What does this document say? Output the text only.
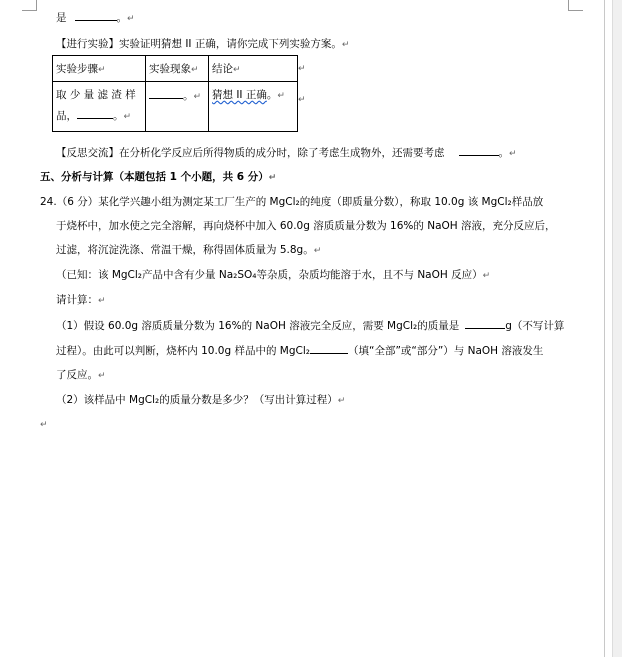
是	。↵
【进行实验】实验证明猜想 II 正确，请你完成下列实验方案。↵
实验步骤↵	实验现象↵	结论↵

取 少 量 滤 渣 样
品， 。↵	。↵	猜想 II 正确。↵
↵
↵
【反思交流】在分析化学反应后所得物质的成分时，除了考虑生成物外，还需要考虑	。↵
五、分析与计算（本题包括 1 个小题，共 6 分）↵
24.（6 分）某化学兴趣小组为测定某工厂生产的 MgCl₂的纯度（即质量分数），称取 10.0g 该 MgCl₂样品放
于烧杯中，加水使之完全溶解，再向烧杯中加入 60.0g 溶质质量分数为 16%的 NaOH 溶液，充分反应后，
过滤，将沉淀洗涤、常温干燥，称得固体质量为 5.8g。↵
（已知：该 MgCl₂产品中含有少量 Na₂SO₄等杂质，杂质均能溶于水，且不与 NaOH 反应）↵
请计算：↵
（1）假设 60.0g 溶质质量分数为 16%的 NaOH 溶液完全反应，需要 MgCl₂的质量是	g（不写计算
过程）。由此可以判断，烧杯内 10.0g 样品中的 MgCl₂	（填“全部”或“部分”）与 NaOH 溶液发生
了反应。↵
（2）该样品中 MgCl₂的质量分数是多少？（写出计算过程）↵
↵
